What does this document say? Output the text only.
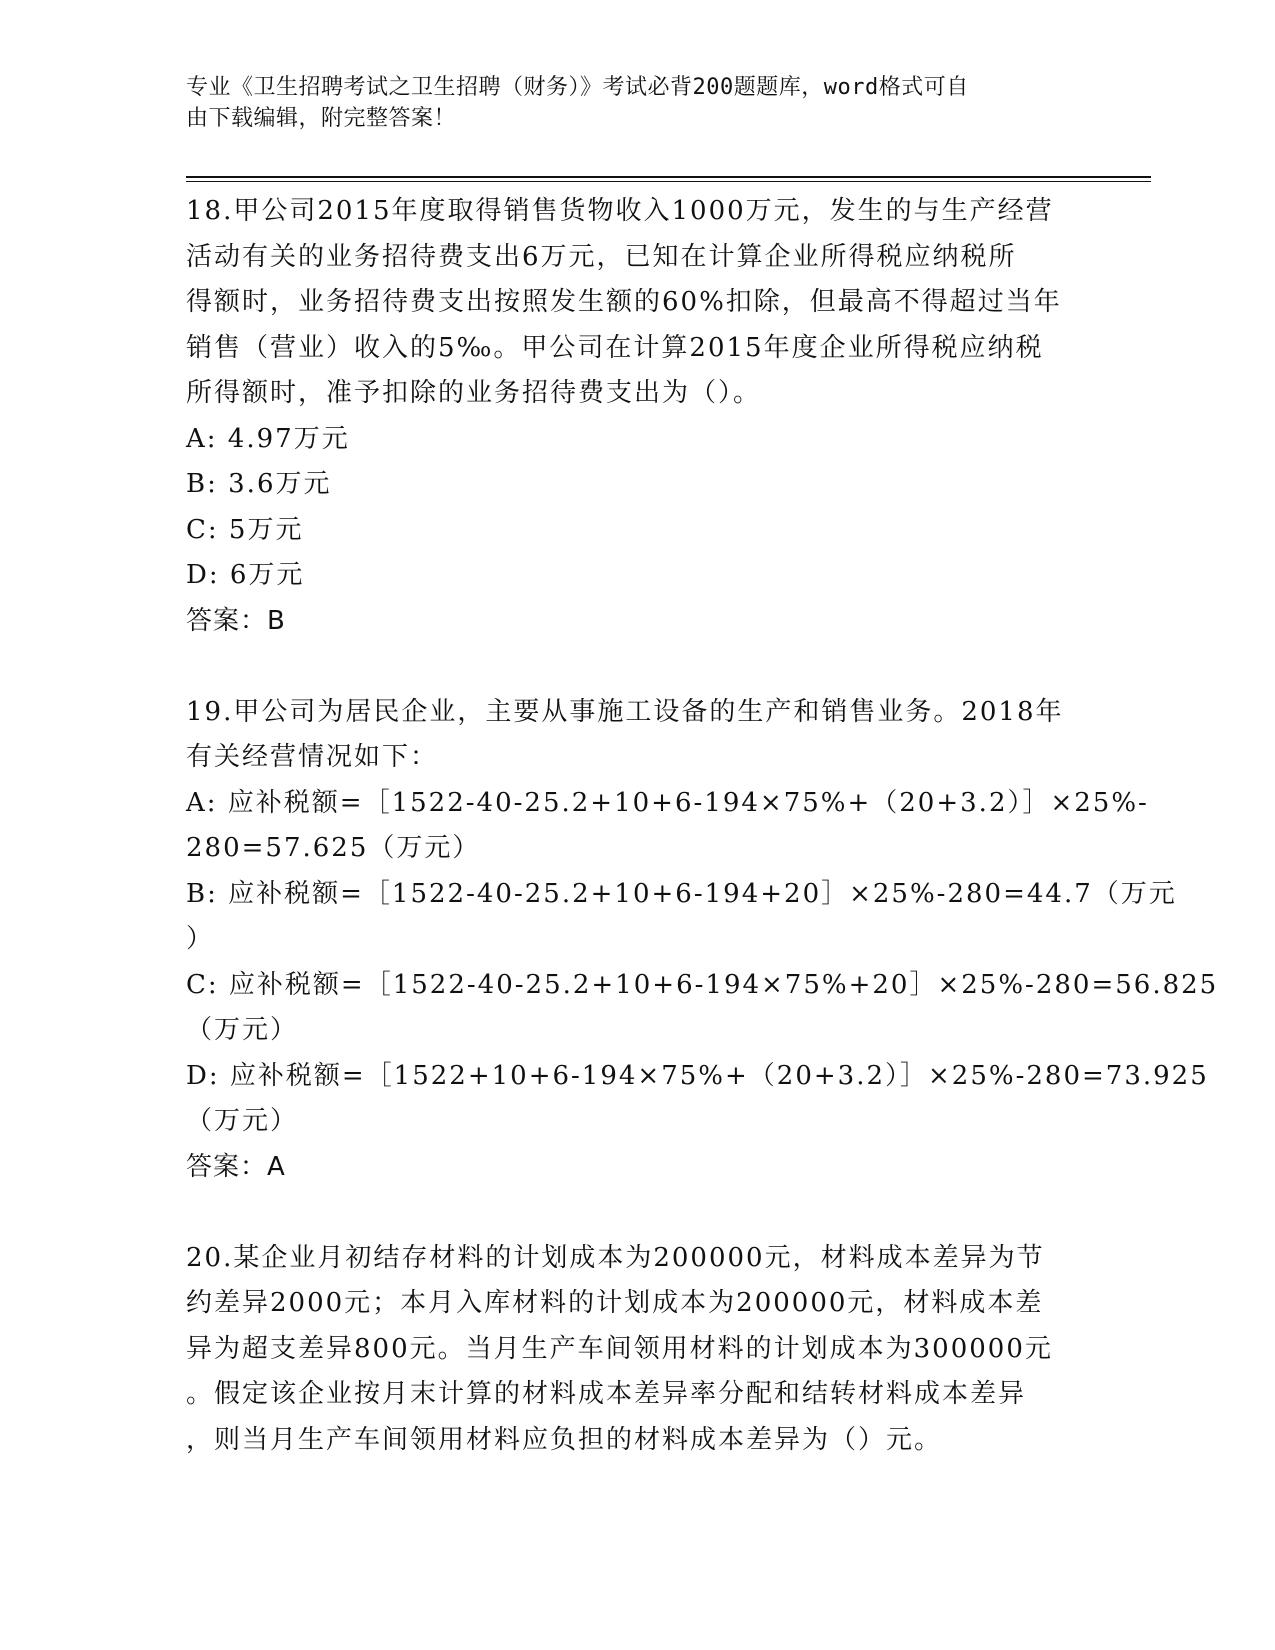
专业《卫生招聘考试之卫生招聘（财务）》考试必背200题题库，word格式可自
由下载编辑，附完整答案！
18.甲公司2015年度取得销售货物收入1000万元，发生的与生产经营
活动有关的业务招待费支出6万元，已知在计算企业所得税应纳税所
得额时，业务招待费支出按照发生额的60%扣除，但最高不得超过当年
销售（营业）收入的5‰。甲公司在计算2015年度企业所得税应纳税
所得额时，准予扣除的业务招待费支出为（）。
A: 4.97万元
B: 3.6万元
C: 5万元
D: 6万元
答案：B
19.甲公司为居民企业，主要从事施工设备的生产和销售业务。2018年
有关经营情况如下：
A: 应补税额=［1522-40-25.2+10+6-194×75%+（20+3.2）］×25%-
280=57.625（万元）
B: 应补税额=［1522-40-25.2+10+6-194+20］×25%-280=44.7（万元
）
C: 应补税额=［1522-40-25.2+10+6-194×75%+20］×25%-280=56.825
（万元）
D: 应补税额=［1522+10+6-194×75%+（20+3.2）］×25%-280=73.925
（万元）
答案：A
20.某企业月初结存材料的计划成本为200000元，材料成本差异为节
约差异2000元；本月入库材料的计划成本为200000元，材料成本差
异为超支差异800元。当月生产车间领用材料的计划成本为300000元
。假定该企业按月末计算的材料成本差异率分配和结转材料成本差异
，则当月生产车间领用材料应负担的材料成本差异为（）元。
